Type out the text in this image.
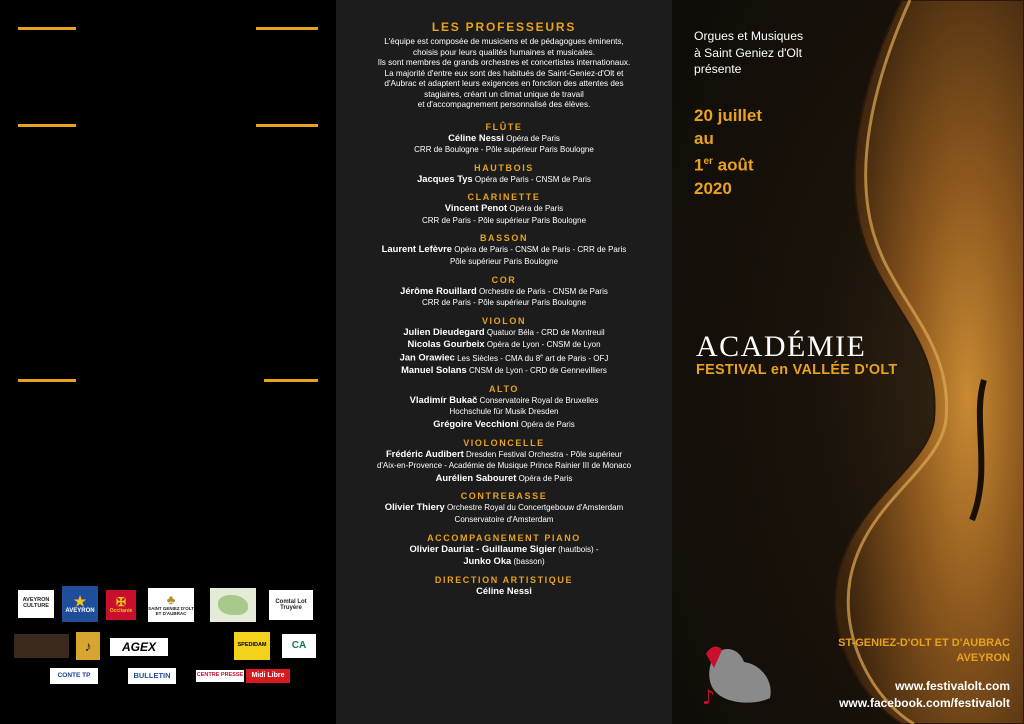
AVEYRON CULTURE	★
AVEYRON
✠
Occitanie
♣
SAINT GENIEZ D'OLT ET D'AUBRAC
Comtal Lot Truyère
♪	AGEX	SPEDIDAM	CA
CONTE TP	BULLETIN	CENTRE PRESSE Midi Libre
LES PROFESSEURS
L'équipe est composée de musiciens et de pédagogues éminents,
choisis pour leurs qualités humaines et musicales.
Ils sont membres de grands orchestres et concertistes internationaux.
La majorité d'entre eux sont des habitués de Saint-Geniez-d'Olt et
d'Aubrac et adaptent leurs exigences en fonction des attentes des
stagiaires, créant un climat unique de travail
et d'accompagnement personnalisé des élèves.
FLÛTE
Céline Nessi Opéra de Paris
CRR de Boulogne - Pôle supérieur Paris Boulogne
HAUTBOIS
Jacques Tys Opéra de Paris - CNSM de Paris
CLARINETTE
Vincent Penot Opéra de Paris
CRR de Paris - Pôle supérieur Paris Boulogne
BASSON
Laurent Lefèvre Opéra de Paris - CNSM de Paris - CRR de Paris
Pôle supérieur Paris Boulogne
COR
Jérôme Rouillard Orchestre de Paris - CNSM de Paris
CRR de Paris - Pôle supérieur Paris Boulogne
VIOLON
Julien Dieudegard Quatuor Béla - CRD de Montreuil
Nicolas Gourbeix Opéra de Lyon - CNSM de Lyon
Jan Orawiec Les Siècles - CMA du 8e art de Paris - OFJ
Manuel Solans CNSM de Lyon - CRD de Gennevilliers
ALTO
Vladimír Bukač Conservatoire Royal de Bruxelles
Hochschule für Musik Dresden
Grégoire Vecchioni Opéra de Paris
VIOLONCELLE
Frédéric Audibert Dresden Festival Orchestra - Pôle supérieur
d'Aix-en-Provence - Académie de Musique Prince Rainier III de Monaco
Aurélien Sabouret Opéra de Paris
CONTREBASSE
Olivier Thiery Orchestre Royal du Concertgebouw d'Amsterdam
Conservatoire d'Amsterdam
ACCOMPAGNEMENT PIANO
Olivier Dauriat - Guillaume Sigier (hautbois) -
Junko Oka (basson)
DIRECTION ARTISTIQUE
Céline Nessi
Orgues et Musiques
à Saint Geniez d'Olt
présente
20 juillet
au
1er août
2020
ACADÉMIE
FESTIVAL en VALLÉE D'OLT
♪
ST-GENIEZ-D'OLT ET D'AUBRAC
AVEYRON
www.festivalolt.com
www.facebook.com/festivalolt
